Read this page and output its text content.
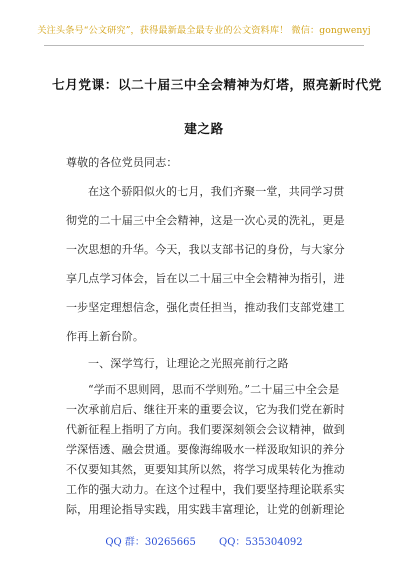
关注头条号“公文研究”，获得最新最全最专业的公文资料库！ 微信：gongwenyj
七月党课：以二十届三中全会精神为灯塔，照亮新时代党
建之路
尊敬的各位党员同志：
在这个骄阳似火的七月，我们齐聚一堂，共同学习贯
彻党的二十届三中全会精神，这是一次心灵的洗礼，更是
一次思想的升华。今天，我以支部书记的身份，与大家分
享几点学习体会，旨在以二十届三中全会精神为指引，进
一步坚定理想信念，强化责任担当，推动我们支部党建工
作再上新台阶。
一、深学笃行，让理论之光照亮前行之路
“学而不思则罔，思而不学则殆。”二十届三中全会是
一次承前启后、继往开来的重要会议，它为我们党在新时
代新征程上指明了方向。我们要深刻领会会议精神，做到
学深悟透、融会贯通。要像海绵吸水一样汲取知识的养分
不仅要知其然，更要知其所以然，将学习成果转化为推动
工作的强大动力。在这个过程中，我们要坚持理论联系实
际，用理论指导实践，用实践丰富理论，让党的创新理论
QQ 群：30265665 QQ：535304092
